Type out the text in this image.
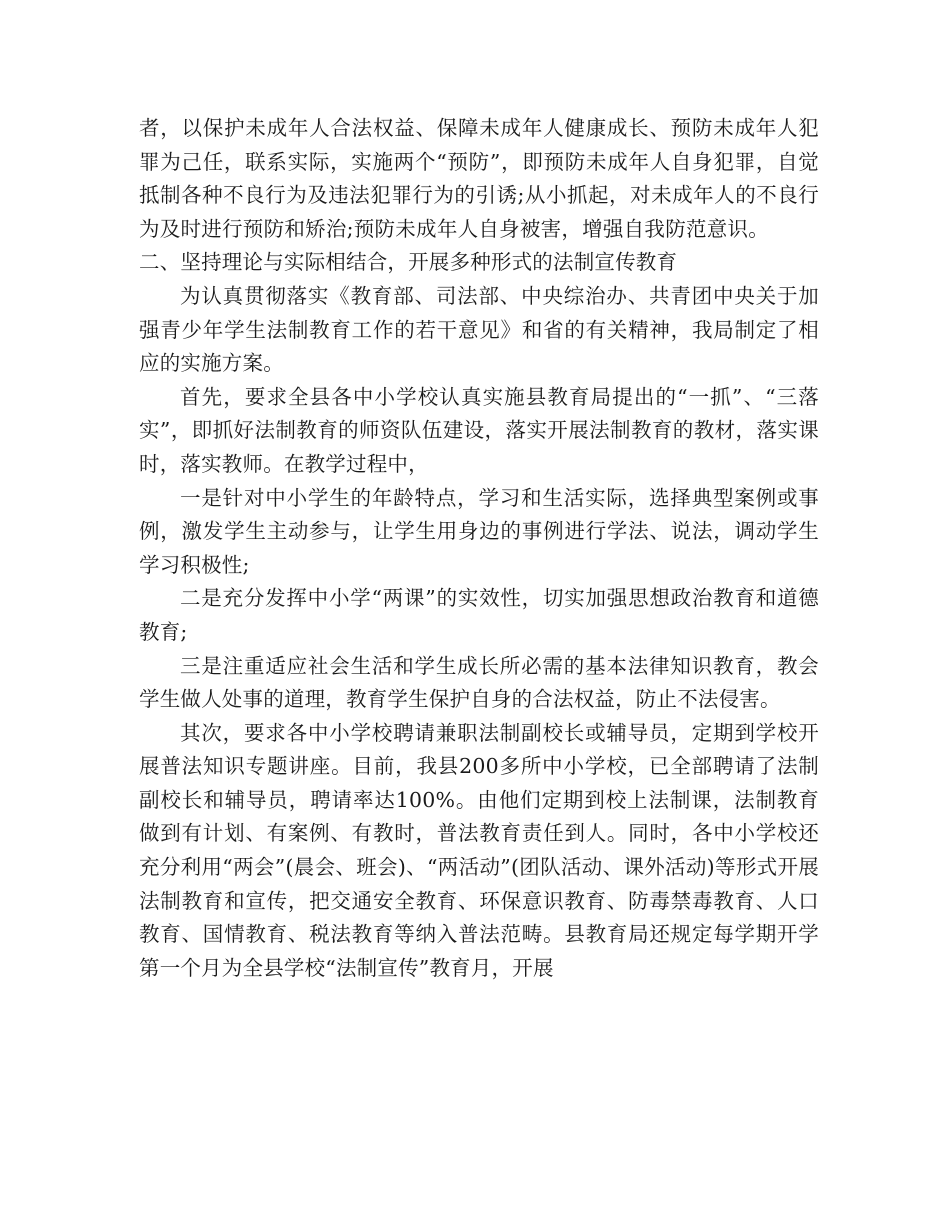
者，以保护未成年人合法权益、保障未成年人健康成长、预防未成年人犯罪为己任，联系实际，实施两个“预防”，即预防未成年人自身犯罪，自觉抵制各种不良行为及违法犯罪行为的引诱;从小抓起，对未成年人的不良行为及时进行预防和矫治;预防未成年人自身被害，增强自我防范意识。二、坚持理论与实际相结合，开展多种形式的法制宣传教育

为认真贯彻落实《教育部、司法部、中央综治办、共青团中央关于加强青少年学生法制教育工作的若干意见》和省的有关精神，我局制定了相应的实施方案。

首先，要求全县各中小学校认真实施县教育局提出的“一抓”、“三落实”，即抓好法制教育的师资队伍建设，落实开展法制教育的教材，落实课时，落实教师。在教学过程中，

一是针对中小学生的年龄特点，学习和生活实际，选择典型案例或事例，激发学生主动参与，让学生用身边的事例进行学法、说法，调动学生学习积极性;

二是充分发挥中小学“两课”的实效性，切实加强思想政治教育和道德教育;

三是注重适应社会生活和学生成长所必需的基本法律知识教育，教会学生做人处事的道理，教育学生保护自身的合法权益，防止不法侵害。

其次，要求各中小学校聘请兼职法制副校长或辅导员，定期到学校开展普法知识专题讲座。目前，我县200多所中小学校，已全部聘请了法制副校长和辅导员，聘请率达100%。由他们定期到校上法制课，法制教育做到有计划、有案例、有教时，普法教育责任到人。同时，各中小学校还充分利用“两会”(晨会、班会)、“两活动”(团队活动、课外活动)等形式开展法制教育和宣传，把交通安全教育、环保意识教育、防毒禁毒教育、人口教育、国情教育、税法教育等纳入普法范畴。县教育局还规定每学期开学第一个月为全县学校“法制宣传”教育月，开展
